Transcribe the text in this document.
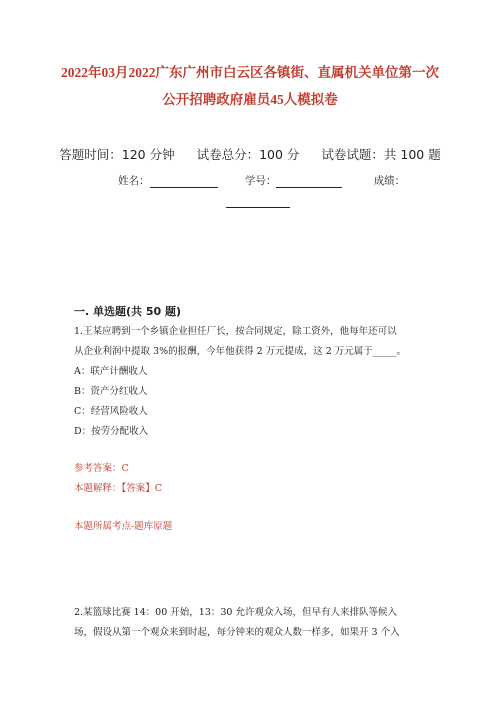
2022年03月2022广东广州市白云区各镇街、直属机关单位第一次
公开招聘政府雇员45人模拟卷
答题时间：120 分钟 试卷总分：100 分 试卷试题：共 100 题
姓名：	学号：	成绩：
一. 单选题(共 50 题)
1.王某应聘到一个乡镇企业担任厂长，按合同规定，除工资外，他每年还可以
从企业利润中提取 3%的报酬，今年他获得 2 万元提成，这 2 万元属于_____。
A：联产计酬收人
B：资产分红收人
C：经营风险收人
D：按劳分配收入
参考答案：C
本题解释：【答案】C
本题所属考点-题库原题
2.某篮球比赛 14：00 开始，13：30 允许观众入场，但早有人来排队等候入
场，假设从第一个观众来到时起，每分钟来的观众人数一样多，如果开 3 个入
